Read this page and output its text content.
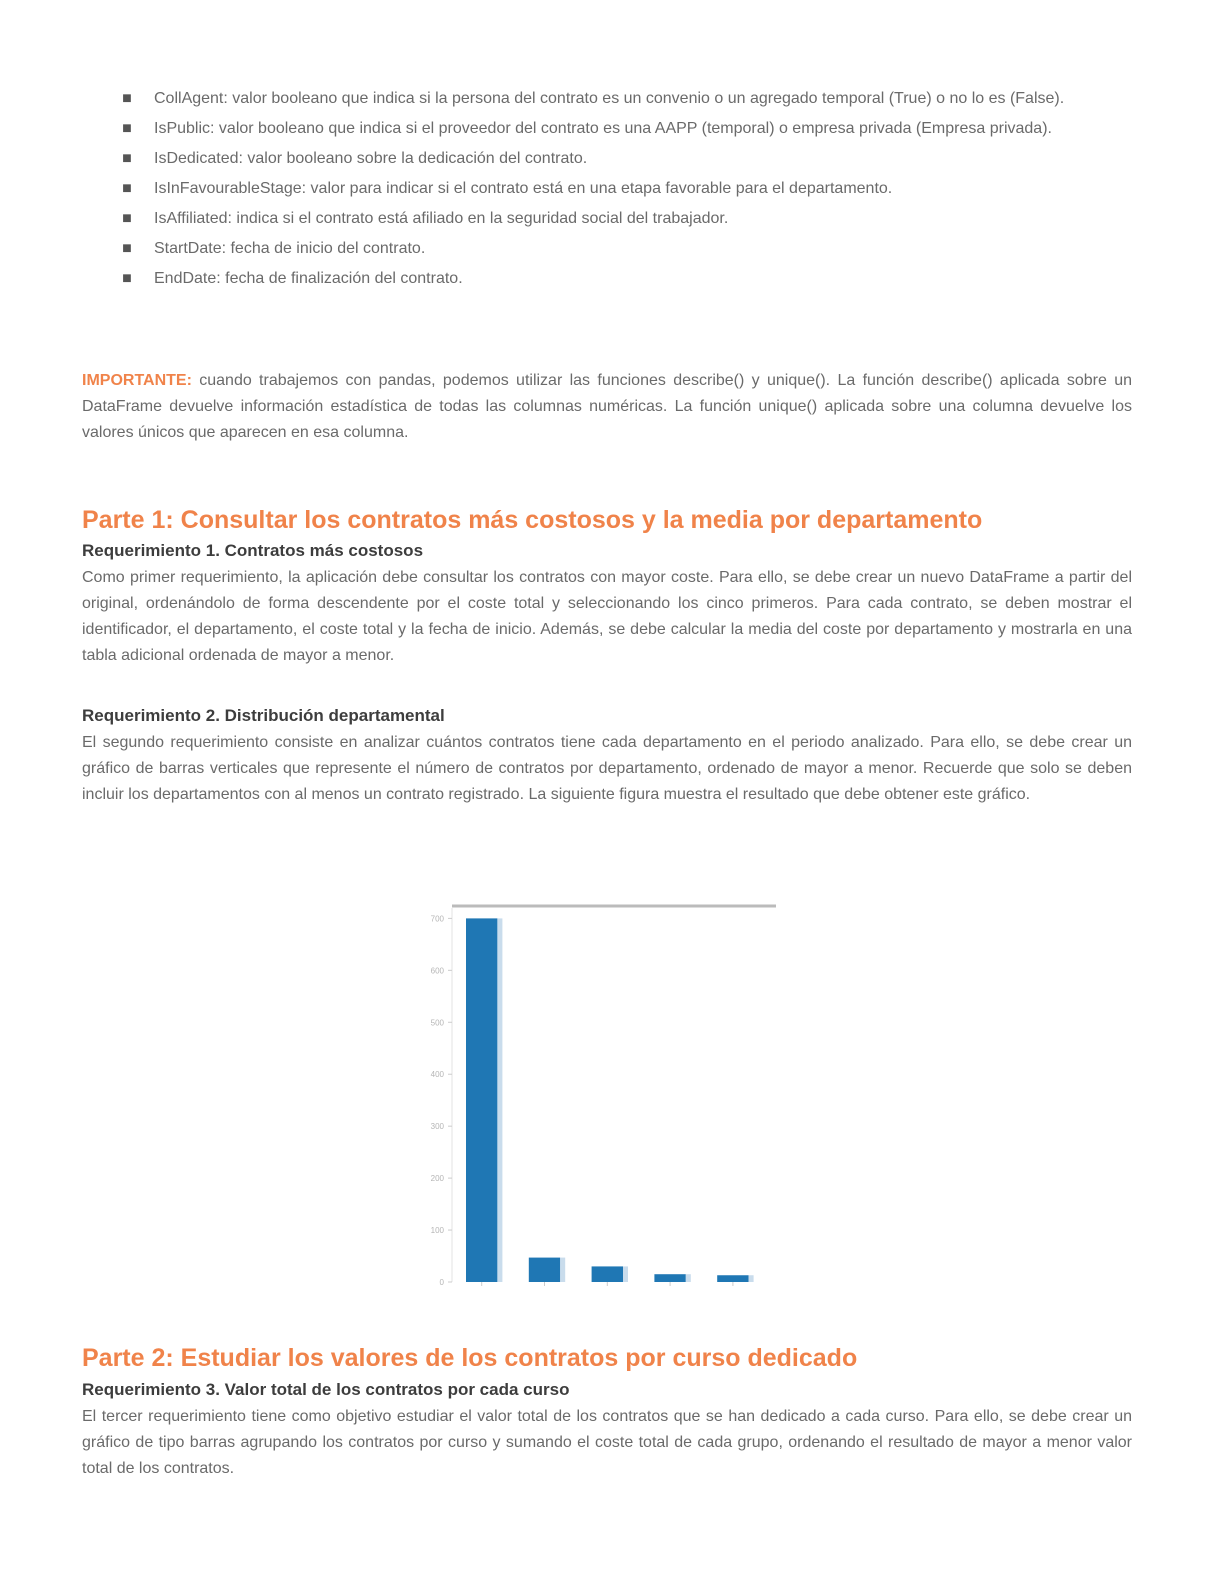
■ CollAgent: valor booleano que indica si la persona del contrato es un convenio o un agregado temporal (True) o no lo es (False).
■ IsPublic: valor booleano que indica si el proveedor del contrato es una AAPP (temporal) o empresa privada (Empresa privada).
■ IsDedicated: valor booleano sobre la dedicación del contrato.
■ IsInFavourableStage: valor para indicar si el contrato está en una etapa favorable para el departamento.
■ IsAffiliated: indica si el contrato está afiliado en la seguridad social del trabajador.
■ StartDate: fecha de inicio del contrato.
■ EndDate: fecha de finalización del contrato.

IMPORTANTE: cuando trabajemos con pandas, podemos utilizar las funciones describe() y unique(). La función describe() aplicada sobre un DataFrame devuelve información estadística de todas las columnas numéricas. La función unique() aplicada sobre una columna devuelve los valores únicos que aparecen en esa columna.

Parte 1: Consultar los contratos más costosos y la media por departamento
Requerimiento 1. Contratos más costosos

Como primer requerimiento, la aplicación debe consultar los contratos con mayor coste. Para ello, se debe crear un nuevo DataFrame a partir del original, ordenándolo de forma descendente por el coste total y seleccionando los cinco primeros. Para cada contrato, se deben mostrar el identificador, el departamento, el coste total y la fecha de inicio. Además, se debe calcular la media del coste por departamento y mostrarla en una tabla adicional ordenada de mayor a menor.

Requerimiento 2. Distribución departamental

El segundo requerimiento consiste en analizar cuántos contratos tiene cada departamento en el periodo analizado. Para ello, se debe crear un gráfico de barras verticales que represente el número de contratos por departamento, ordenado de mayor a menor. Recuerde que solo se deben incluir los departamentos con al menos un contrato registrado. La siguiente figura muestra el resultado que debe obtener este gráfico.

0
100
200
300
400
500
600
700
Parte 2: Estudiar los valores de los contratos por curso dedicado
Requerimiento 3. Valor total de los contratos por cada curso

El tercer requerimiento tiene como objetivo estudiar el valor total de los contratos que se han dedicado a cada curso. Para ello, se debe crear un gráfico de tipo barras agrupando los contratos por curso y sumando el coste total de cada grupo, ordenando el resultado de mayor a menor valor total de los contratos.
